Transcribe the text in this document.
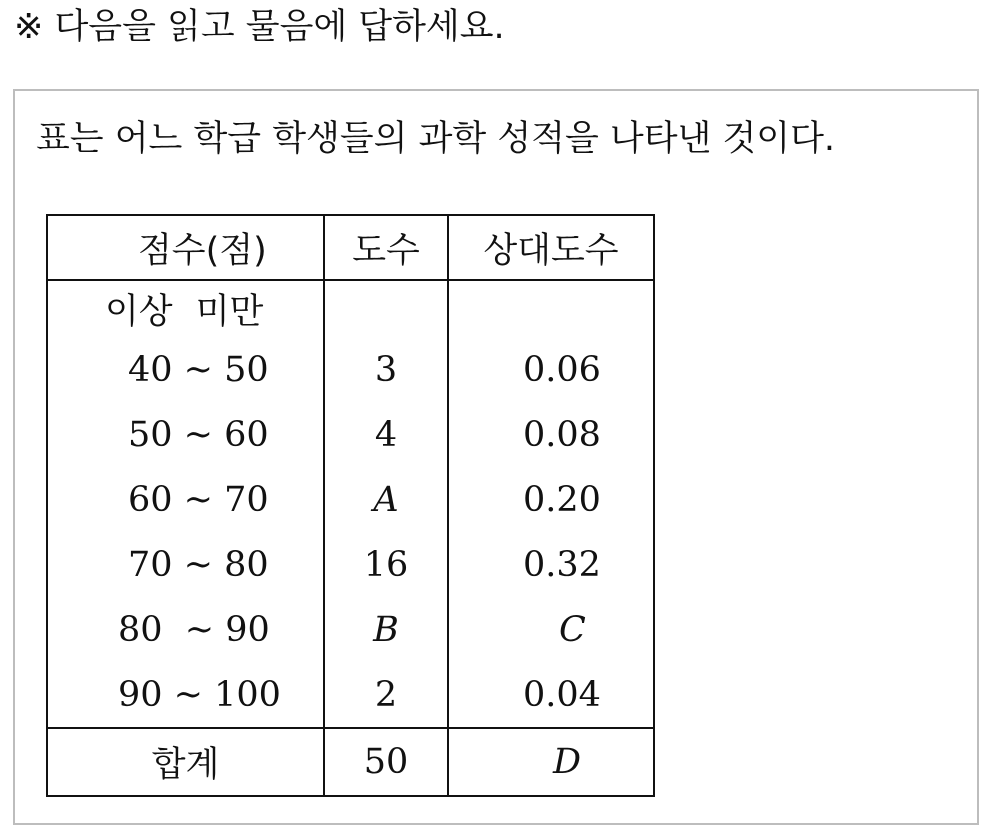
※ 다음을 읽고 물음에 답하세요.
표는 어느 학급 학생들의 과학 성적을 나타낸 것이다.
점수(점)	도수	상대도수
이상 미만		
40 ~ 50	3	0.06
50 ~ 60	4	0.08
60 ~ 70	A	0.20
70 ~ 80	16	0.32
80  ~ 90	B	C
90 ~ 100	2	0.04
합계	50	D
